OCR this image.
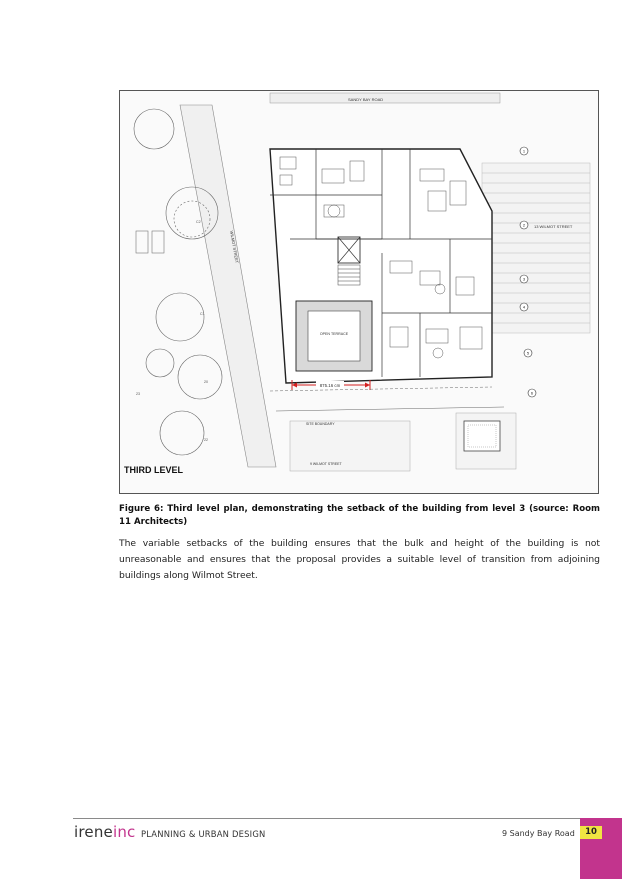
SANDY BAY ROAD
WILMOT STREET
13 WILMOT STREET
9 WILMOT STREET
OPEN TERRACE
875.16 cm
SITE BOUNDARY
1
2
3
4
5
6
C2
C1
20
22
23
THIRD LEVEL
Figure 6: Third level plan, demonstrating the setback of the building from level 3 (source: Room 11 Architects)
The variable setbacks of the building ensures that the bulk and height of the building is not unreasonable and ensures that the proposal provides a suitable level of transition from adjoining buildings along Wilmot Street.
ireneinc PLANNING & URBAN DESIGN	9 Sandy Bay Road	10
